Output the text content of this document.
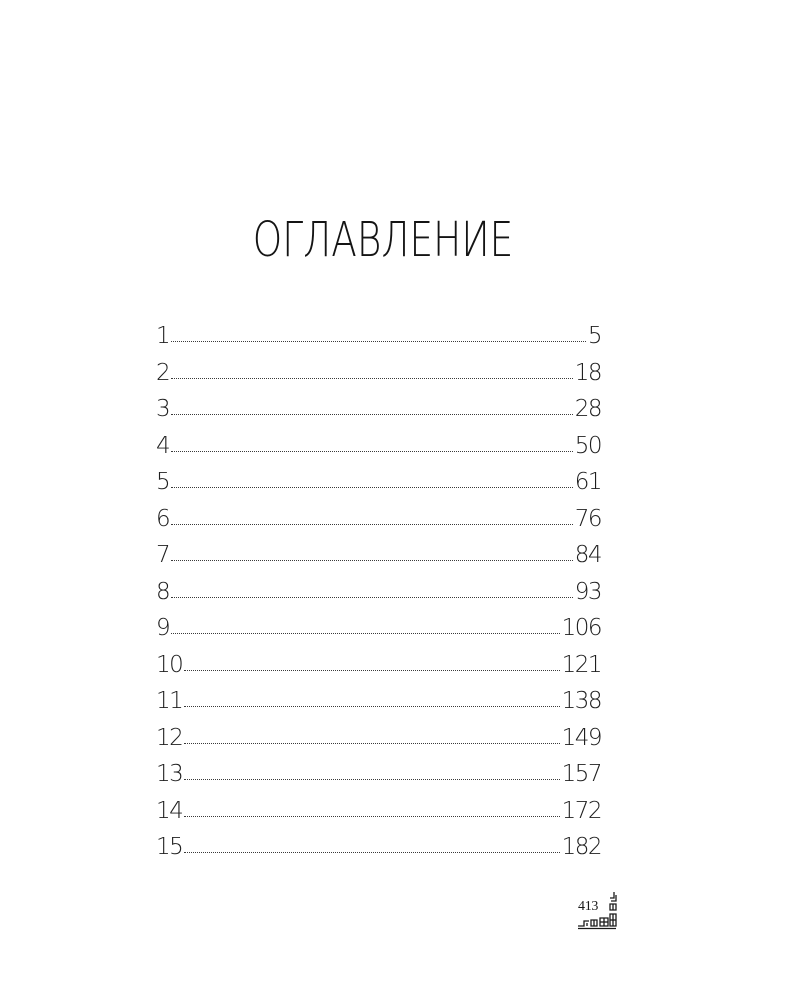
ОГЛАВЛЕНИЕ
1	5
2	18
3	28
4	50
5	61
6	76
7	84
8	93
9	106
10	121
11	138
12	149
13	157
14	172
15	182
413
